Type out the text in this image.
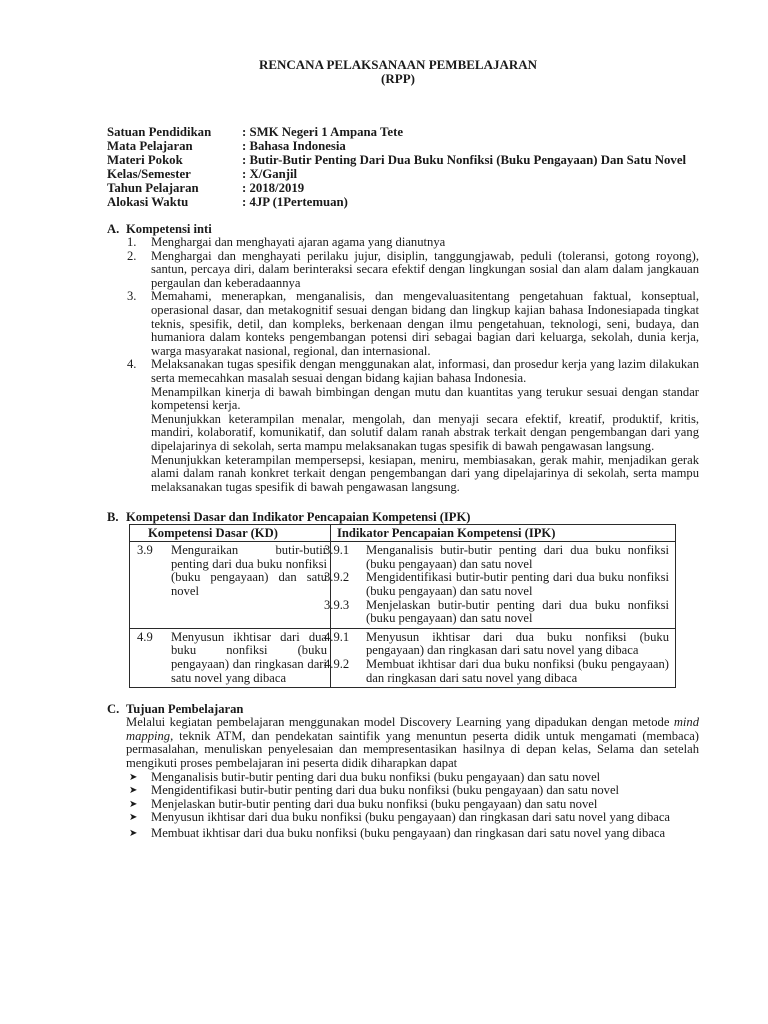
RENCANA PELAKSANAAN PEMBELAJARAN
(RPP)
Satuan Pendidikan	: SMK Negeri 1 Ampana Tete
Mata Pelajaran	: Bahasa Indonesia
Materi Pokok	: Butir-Butir Penting Dari Dua Buku Nonfiksi (Buku Pengayaan) Dan Satu Novel
Kelas/Semester	: X/Ganjil
Tahun Pelajaran	: 2018/2019
Alokasi Waktu	: 4JP (1Pertemuan)
A. Kompetensi inti
1.	Menghargai dan menghayati ajaran agama yang dianutnya
2.	Menghargai dan menghayati perilaku jujur, disiplin, tanggungjawab, peduli (toleransi, gotong royong), santun, percaya diri, dalam berinteraksi secara efektif dengan lingkungan sosial dan alam dalam jangkauan pergaulan dan keberadaannya
3.	Memahami, menerapkan, menganalisis, dan mengevaluasitentang pengetahuan faktual, konseptual, operasional dasar, dan metakognitif sesuai dengan bidang dan lingkup kajian bahasa Indonesiapada tingkat teknis, spesifik, detil, dan kompleks, berkenaan dengan ilmu pengetahuan, teknologi, seni, budaya, dan humaniora dalam konteks pengembangan potensi diri sebagai bagian dari keluarga, sekolah, dunia kerja, warga masyarakat nasional, regional, dan internasional.
4.	Melaksanakan tugas spesifik dengan menggunakan alat, informasi, dan prosedur kerja yang lazim dilakukan serta memecahkan masalah sesuai dengan bidang kajian bahasa Indonesia.
Menampilkan kinerja di bawah bimbingan dengan mutu dan kuantitas yang terukur sesuai dengan standar kompetensi kerja.
Menunjukkan keterampilan menalar, mengolah, dan menyaji secara efektif, kreatif, produktif, kritis, mandiri, kolaboratif, komunikatif, dan solutif dalam ranah abstrak terkait dengan pengembangan dari yang dipelajarinya di sekolah, serta mampu melaksanakan tugas spesifik di bawah pengawasan langsung.
Menunjukkan keterampilan mempersepsi, kesiapan, meniru, membiasakan, gerak mahir, menjadikan gerak alami dalam ranah konkret terkait dengan pengembangan dari yang dipelajarinya di sekolah, serta mampu melaksanakan tugas spesifik di bawah pengawasan langsung.
B. Kompetensi Dasar dan Indikator Pencapaian Kompetensi (IPK)
Kompetensi Dasar (KD)	Indikator Pencapaian Kompetensi (IPK)

3.9	Menguraikan butir-butir penting dari dua buku nonfiksi (buku pengayaan) dan satu novel

3.9.1	Menganalisis butir-butir penting dari dua buku nonfiksi (buku pengayaan) dan satu novel
3.9.2	Mengidentifikasi butir-butir penting dari dua buku nonfiksi (buku pengayaan) dan satu novel
3.9.3	Menjelaskan butir-butir penting dari dua buku nonfiksi (buku pengayaan) dan satu novel

4.9	Menyusun ikhtisar dari dua buku nonfiksi (buku pengayaan) dan ringkasan dari satu novel yang dibaca

4.9.1	Menyusun ikhtisar dari dua buku nonfiksi (buku pengayaan) dan ringkasan dari satu novel yang dibaca
4.9.2	Membuat ikhtisar dari dua buku nonfiksi (buku pengayaan) dan ringkasan dari satu novel yang dibaca
C. Tujuan Pembelajaran
Melalui kegiatan pembelajaran menggunakan model Discovery Learning yang dipadukan dengan metode mind mapping, teknik ATM, dan pendekatan saintifik yang menuntun peserta didik untuk mengamati (membaca) permasalahan, menuliskan penyelesaian dan mempresentasikan hasilnya di depan kelas, Selama dan setelah mengikuti proses pembelajaran ini peserta didik diharapkan dapat
➤	Menganalisis butir-butir penting dari dua buku nonfiksi (buku pengayaan) dan satu novel
➤	Mengidentifikasi butir-butir penting dari dua buku nonfiksi (buku pengayaan) dan satu novel
➤	Menjelaskan butir-butir penting dari dua buku nonfiksi (buku pengayaan) dan satu novel
➤	Menyusun ikhtisar dari dua buku nonfiksi (buku pengayaan) dan ringkasan dari satu novel yang dibaca
➤	Membuat ikhtisar dari dua buku nonfiksi (buku pengayaan) dan ringkasan dari satu novel yang dibaca
